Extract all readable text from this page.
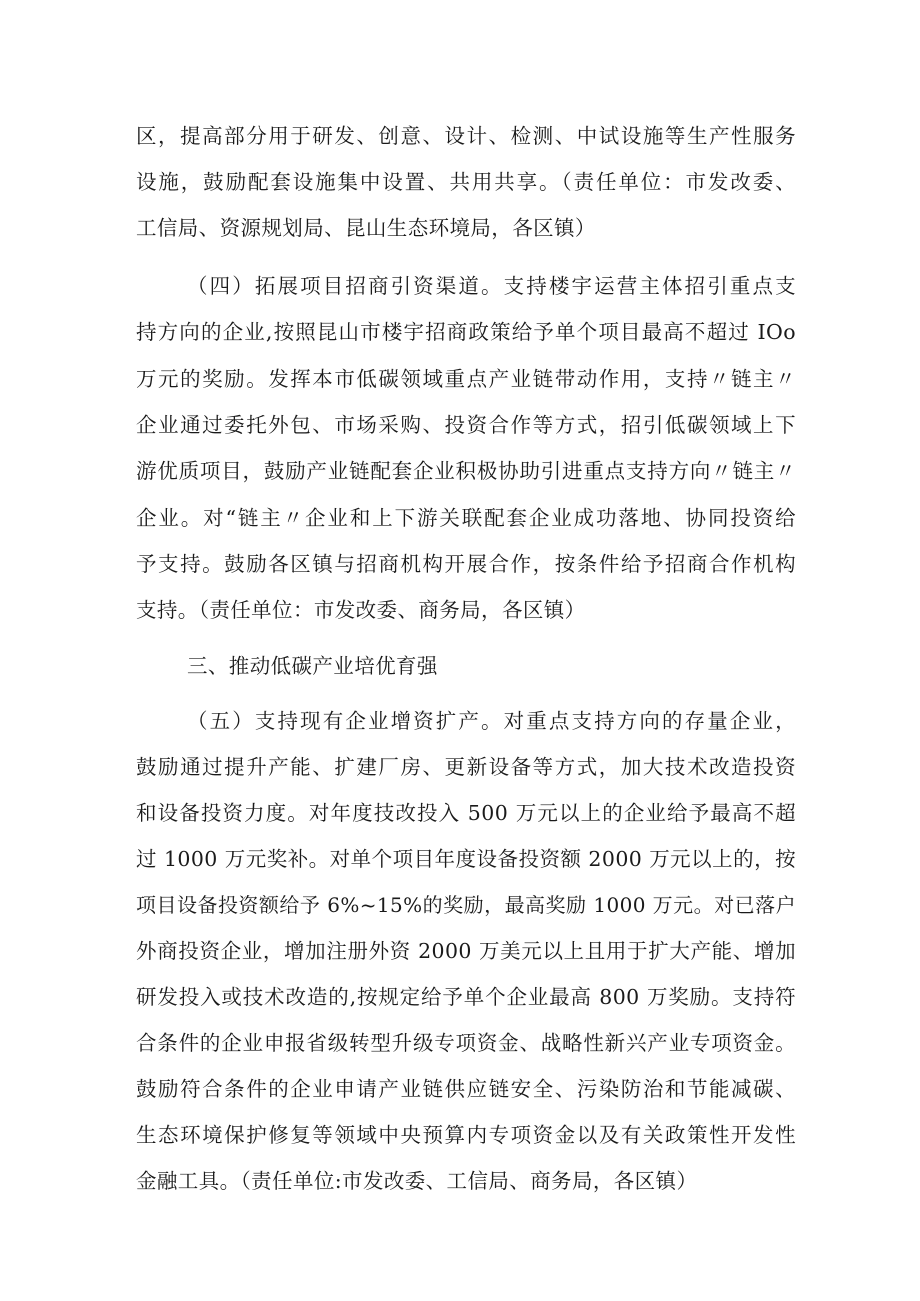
区，提高部分用于研发、创意、设计、检测、中试设施等生产性服务
设施，鼓励配套设施集中设置、共用共享。（责任单位：市发改委、
工信局、资源规划局、昆山生态环境局，各区镇）
（四）拓展项目招商引资渠道。支持楼宇运营主体招引重点支
持方向的企业,按照昆山市楼宇招商政策给予单个项目最高不超过 IOo
万元的奖励。发挥本市低碳领域重点产业链带动作用，支持〃链主〃
企业通过委托外包、市场采购、投资合作等方式，招引低碳领域上下
游优质项目，鼓励产业链配套企业积极协助引进重点支持方向〃链主〃
企业。对“链主〃企业和上下游关联配套企业成功落地、协同投资给
予支持。鼓励各区镇与招商机构开展合作，按条件给予招商合作机构
支持。（责任单位：市发改委、商务局，各区镇）
三、推动低碳产业培优育强
（五）支持现有企业增资扩产。对重点支持方向的存量企业，
鼓励通过提升产能、扩建厂房、更新设备等方式，加大技术改造投资
和设备投资力度。对年度技改投入 500 万元以上的企业给予最高不超
过 1000 万元奖补。对单个项目年度设备投资额 2000 万元以上的，按
项目设备投资额给予 6%~15%的奖励，最高奖励 1000 万元。对已落户
外商投资企业，增加注册外资 2000 万美元以上且用于扩大产能、增加
研发投入或技术改造的,按规定给予单个企业最高 800 万奖励。支持符
合条件的企业申报省级转型升级专项资金、战略性新兴产业专项资金。
鼓励符合条件的企业申请产业链供应链安全、污染防治和节能减碳、
生态环境保护修复等领域中央预算内专项资金以及有关政策性开发性
金融工具。（责任单位:市发改委、工信局、商务局，各区镇）
